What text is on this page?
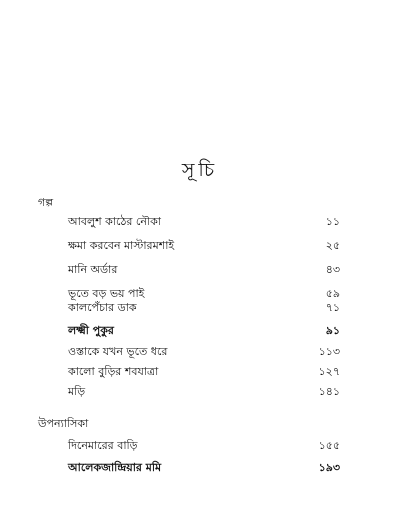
সূচি
গল্প
আবলুশ কাঠের নৌকা	১১
ক্ষমা করবেন মাস্টারমশাই	২৫
মানি অর্ডার	৪৩
ভূতে বড় ভয় পাই	৫৯
কালপেঁচার ডাক	৭১
লক্ষ্মী পুকুর	৯১
ওস্তাকে যখন ভূতে ধরে	১১৩
কালো বুড়ির শবযাত্রা	১২৭
মড়ি	১৪১
উপন্যাসিকা
দিনেমারের বাড়ি	১৫৫
আলেকজান্দ্রিয়ার মমি	১৯৩
